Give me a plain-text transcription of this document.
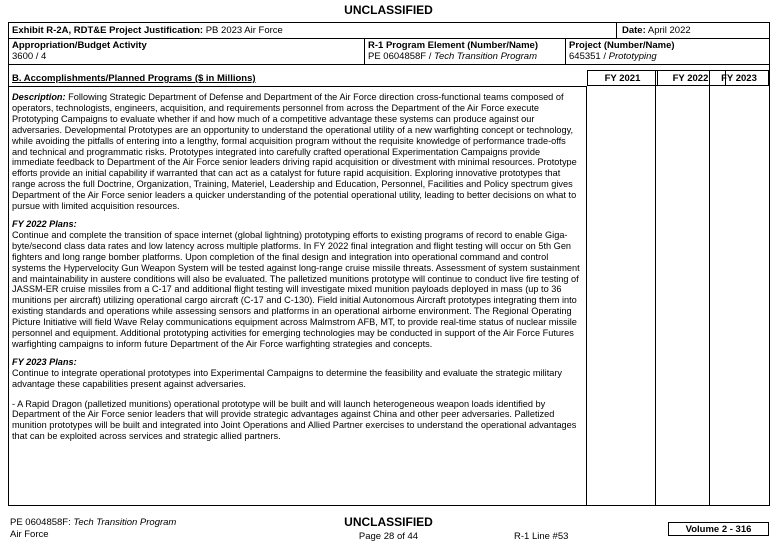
UNCLASSIFIED
Exhibit R-2A, RDT&E Project Justification: PB 2023 Air Force	Date: April 2022
Appropriation/Budget Activity
3600 / 4
R-1 Program Element (Number/Name)
PE 0604858F / Tech Transition Program
Project (Number/Name)
645351 / Prototyping
B. Accomplishments/Planned Programs ($ in Millions)	FY 2021	FY 2022	FY 2023

Description: Following Strategic Department of Defense and Department of the Air Force direction cross-functional teams composed of operators, technologists, engineers, acquisition, and requirements personnel from across the Department of the Air Force execute Prototyping Campaigns to evaluate whether if and how much of a competitive advantage these systems can produce against our adversaries. Developmental Prototypes are an opportunity to understand the operational utility of a new warfighting concept or technology, while avoiding the pitfalls of entering into a lengthy, formal acquisition program without the requisite knowledge of performance trade-offs and technical and programmatic risks. Prototypes integrated into carefully crafted operational Experimentation Campaigns provide immediate feedback to Department of the Air Force senior leaders driving rapid acquisition or divestment with minimal resources. Prototype efforts provide an initial capability if warranted that can act as a catalyst for future rapid acquisition. Exploring innovative prototypes that range across the full Doctrine, Organization, Training, Materiel, Leadership and Education, Personnel, Facilities and Policy spectrum gives Department of the Air Force senior leaders a quicker understanding of the potential operational utility, leading to better decisions on what to pursue with limited acquisition resources.

FY 2022 Plans:
Continue and complete the transition of space internet (global lightning) prototyping efforts to existing programs of record to enable Giga-byte/second class data rates and low latency across multiple platforms. In FY 2022 final integration and flight testing will occur on 5th Gen fighters and long range bomber platforms. Upon completion of the final design and integration into operational command and control systems the Hypervelocity Gun Weapon System will be tested against long-range cruise missile threats. Assessment of system sustainment and maintainability in austere conditions will also be evaluated. The palletized munitions prototype will continue to conduct live fire testing of JASSM-ER cruise missiles from a C-17 and additional flight testing will investigate mixed munition payloads deployed in mass (up to 36 munitions per aircraft) utilizing operational cargo aircraft (C-17 and C-130). Field initial Autonomous Aircraft prototypes integrating them into existing standards and operations while assessing sensors and platforms in an operational airborne environment. The Regional Operating Picture Initiative will field Wave Relay communications equipment across Malmstrom AFB, MT, to provide real-time status of nuclear missile personnel and equipment. Additional prototyping activities for emerging technologies may be conducted in support of the Air Force Futures warfighting campaigns to inform future Department of the Air Force warfighting strategies and concepts.

FY 2023 Plans:
Continue to integrate operational prototypes into Experimental Campaigns to determine the feasibility and evaluate the strategic military advantage these capabilities present against adversaries.

- A Rapid Dragon (palletized munitions) operational prototype will be built and will launch heterogeneous weapon loads identified by Department of the Air Force senior leaders that will provide strategic advantages against China and other peer adversaries. Palletized munition prototypes will be built and integrated into Joint Operations and Allied Partner exercises to understand the operational advantages that can be exploited across services and strategic allied partners.

PE 0604858F: Tech Transition Program
Air Force
UNCLASSIFIED
Page 28 of 44	R-1 Line #53
Volume 2 - 316
